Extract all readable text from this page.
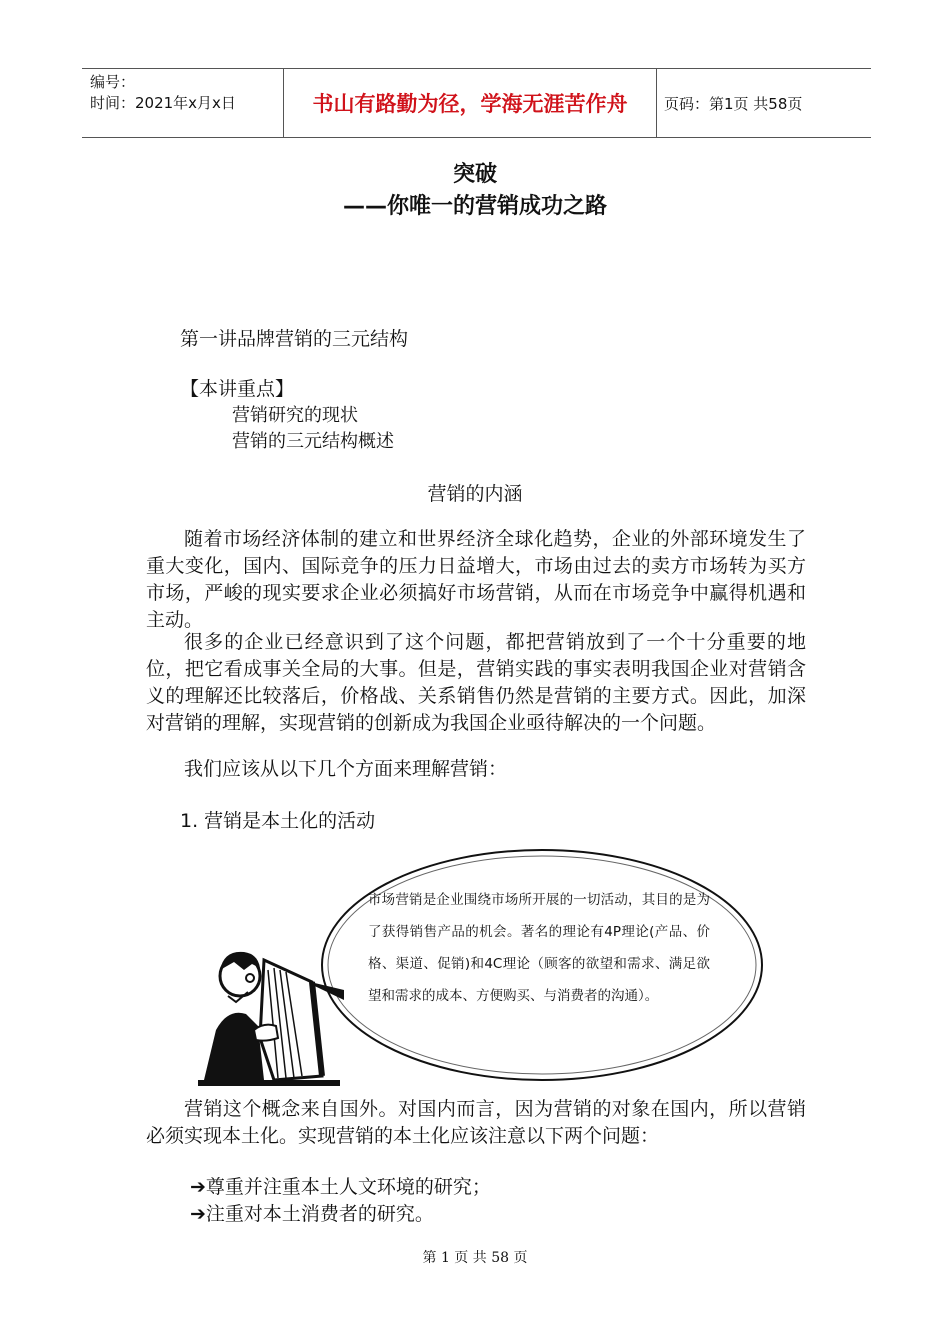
编号：
时间：2021年x月x日	书山有路勤为径，学海无涯苦作舟	页码：第1页 共58页
突破
——你唯一的营销成功之路
第一讲品牌营销的三元结构
【本讲重点】
营销研究的现状
营销的三元结构概述
营销的内涵

随着市场经济体制的建立和世界经济全球化趋势，企业的外部环境发生了重大变化，国内、国际竞争的压力日益增大，市场由过去的卖方市场转为买方市场，严峻的现实要求企业必须搞好市场营销，从而在市场竞争中赢得机遇和主动。

很多的企业已经意识到了这个问题，都把营销放到了一个十分重要的地位，把它看成事关全局的大事。但是，营销实践的事实表明我国企业对营销含义的理解还比较落后，价格战、关系销售仍然是营销的主要方式。因此，加深对营销的理解，实现营销的创新成为我国企业亟待解决的一个问题。

我们应该从以下几个方面来理解营销：

1. 营销是本土化的活动

市场营销是企业围绕市场所开展的一切活动，其目的是为了获得销售产品的机会。著名的理论有4P理论(产品、价格、渠道、促销)和4C理论（顾客的欲望和需求、满足欲望和需求的成本、方便购买、与消费者的沟通）。

营销这个概念来自国外。对国内而言，因为营销的对象在国内，所以营销必须实现本土化。实现营销的本土化应该注意以下两个问题：

➔尊重并注重本土人文环境的研究；
➔注重对本土消费者的研究。
第 1 页 共 58 页
